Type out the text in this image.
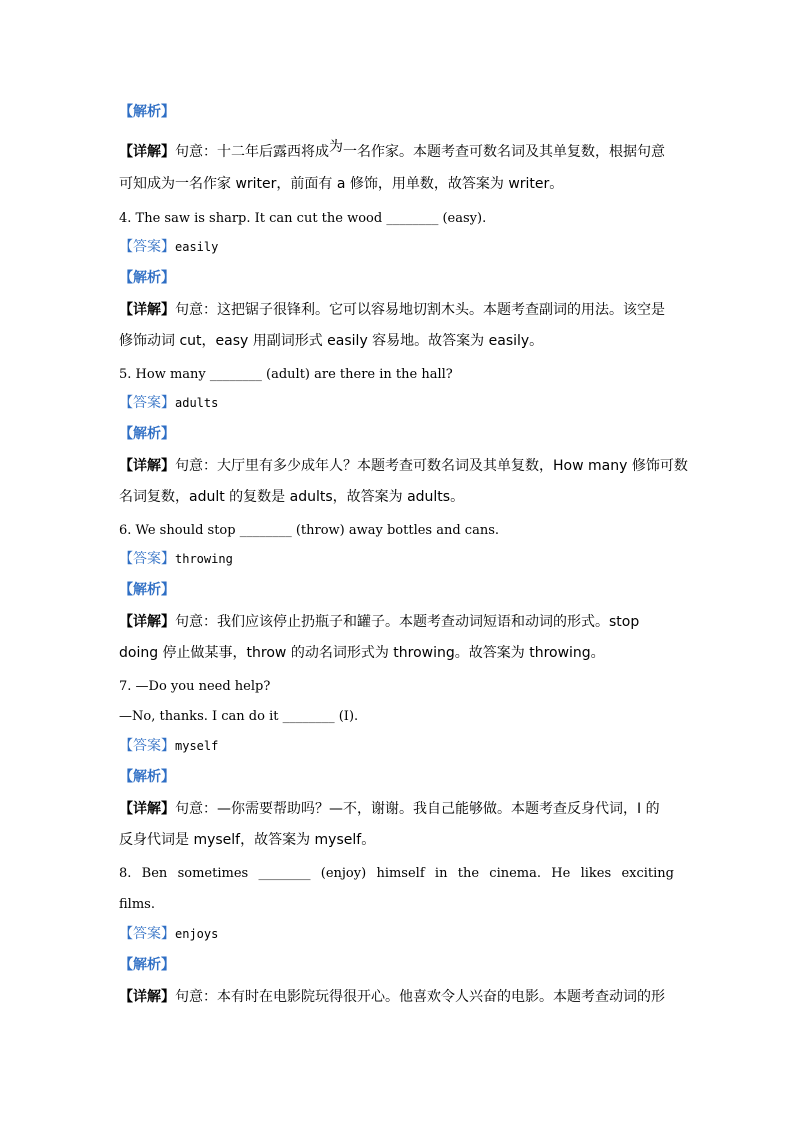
【解析】
【详解】句意：十二年后露西将成为一名作家。本题考查可数名词及其单复数，根据句意
可知成为一名作家 writer，前面有 a 修饰，用单数，故答案为 writer。
4. The saw is sharp. It can cut the wood ________ (easy).
【答案】easily
【解析】
【详解】句意：这把锯子很锋利。它可以容易地切割木头。本题考查副词的用法。该空是
修饰动词 cut，easy 用副词形式 easily 容易地。故答案为 easily。
5. How many ________ (adult) are there in the hall?
【答案】adults
【解析】
【详解】句意：大厅里有多少成年人？本题考查可数名词及其单复数，How many 修饰可数
名词复数，adult 的复数是 adults，故答案为 adults。
6. We should stop ________ (throw) away bottles and cans.
【答案】throwing
【解析】
【详解】句意：我们应该停止扔瓶子和罐子。本题考查动词短语和动词的形式。stop
doing 停止做某事，throw 的动名词形式为 throwing。故答案为 throwing。
7. —Do you need help?
—No, thanks. I can do it ________ (I).
【答案】myself
【解析】
【详解】句意：—你需要帮助吗？—不，谢谢。我自己能够做。本题考查反身代词，I 的
反身代词是 myself，故答案为 myself。
8. Ben sometimes ________ (enjoy) himself in the cinema. He likes exciting
films.
【答案】enjoys
【解析】
【详解】句意：本有时在电影院玩得很开心。他喜欢令人兴奋的电影。本题考查动词的形
